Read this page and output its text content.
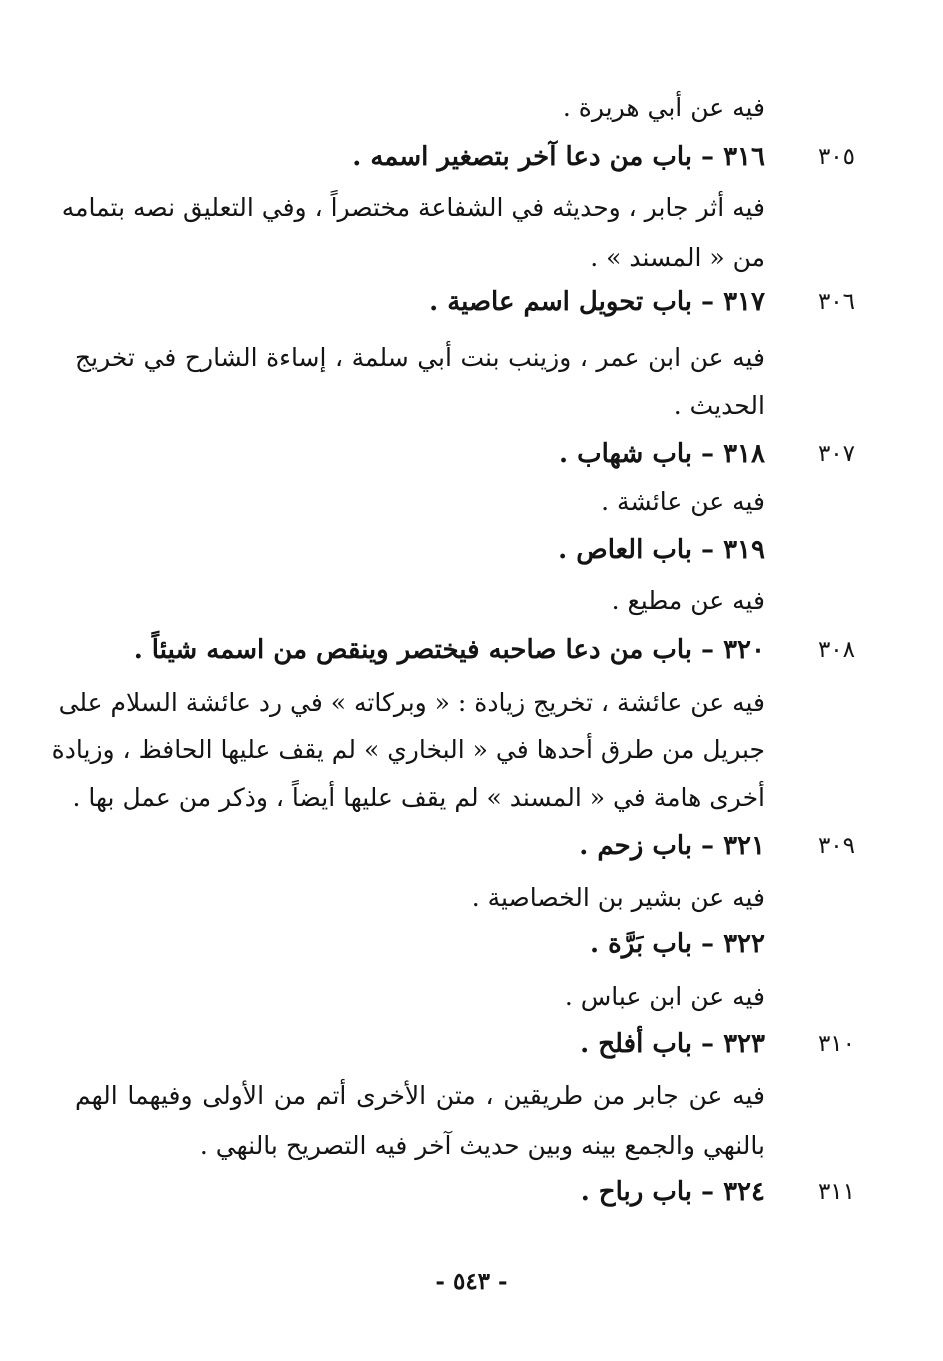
فيه عن أبي هريرة .
٣٠٥
٣١٦ – باب من دعا آخر بتصغير اسمه .
فيه أثر جابر ، وحديثه في الشفاعة مختصراً ، وفي التعليق نصه بتمامه
من « المسند » .
٣٠٦
٣١٧ – باب تحويل اسم عاصية .
فيه عن ابن عمر ، وزينب بنت أبي سلمة ، إساءة الشارح في تخريج
الحديث .
٣٠٧
٣١٨ – باب شهاب .
فيه عن عائشة .
٣١٩ – باب العاص .
فيه عن مطيع .
٣٠٨
٣٢٠ – باب من دعا صاحبه فيختصر وينقص من اسمه شيئاً .
فيه عن عائشة ، تخريج زيادة : « وبركاته » في رد عائشة السلام على
جبريل من طرق أحدها في « البخاري » لم يقف عليها الحافظ ، وزيادة
أخرى هامة في « المسند » لم يقف عليها أيضاً ، وذكر من عمل بها .
٣٠٩
٣٢١ – باب زحم .
فيه عن بشير بن الخصاصية .
٣٢٢ – باب بَرَّة .
فيه عن ابن عباس .
٣١٠
٣٢٣ – باب أفلح .
فيه عن جابر من طريقين ، متن الأخرى أتم من الأولى وفيهما الهم
بالنهي والجمع بينه وبين حديث آخر فيه التصريح بالنهي .
٣١١
٣٢٤ – باب رباح .
- ٥٤٣ -
